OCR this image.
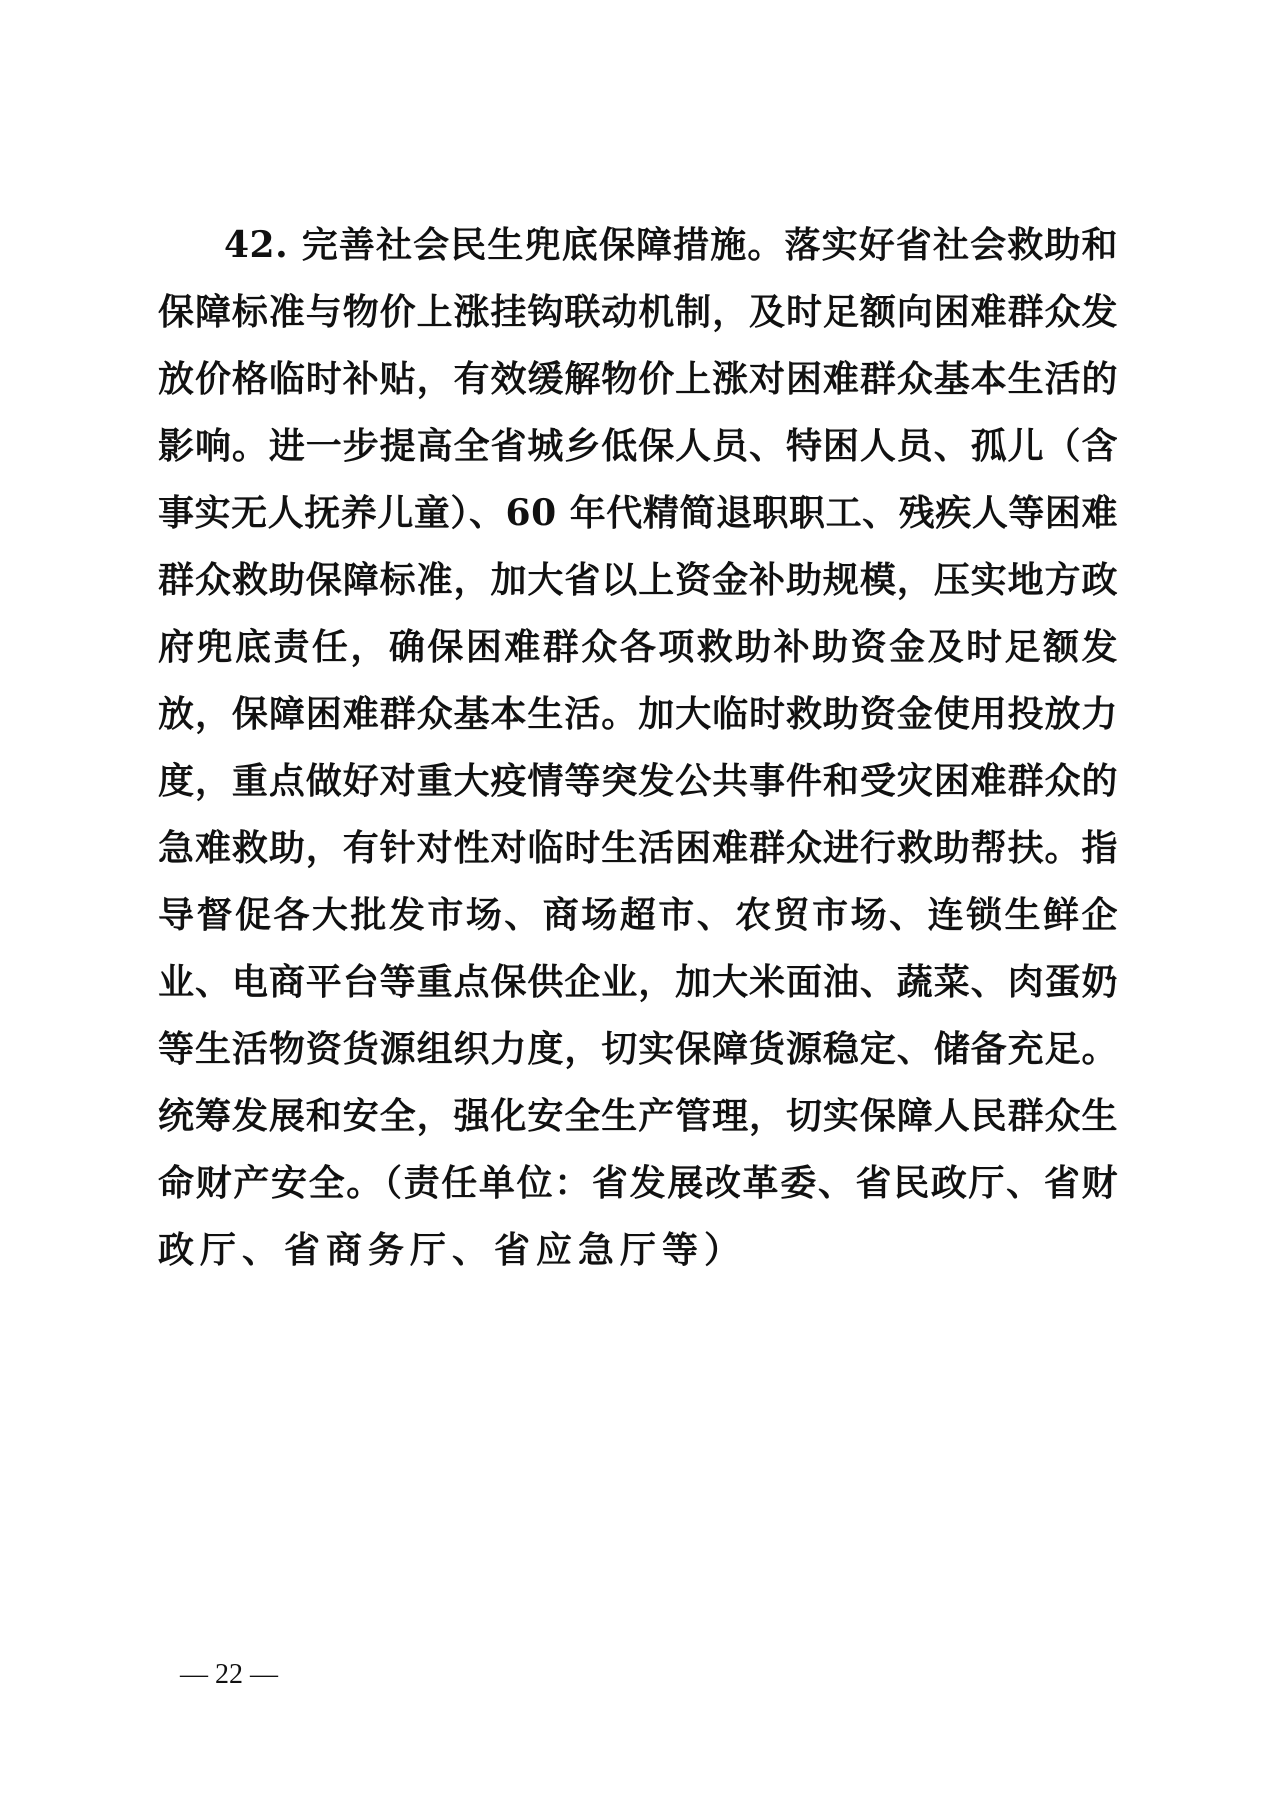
42. 完善社会民生兜底保障措施。落实好省社会救助和
保障标准与物价上涨挂钩联动机制，及时足额向困难群众发
放价格临时补贴，有效缓解物价上涨对困难群众基本生活的
影响。进一步提高全省城乡低保人员、特困人员、孤儿（含
事实无人抚养儿童）、60 年代精简退职职工、残疾人等困难
群众救助保障标准，加大省以上资金补助规模，压实地方政
府兜底责任，确保困难群众各项救助补助资金及时足额发
放，保障困难群众基本生活。加大临时救助资金使用投放力
度，重点做好对重大疫情等突发公共事件和受灾困难群众的
急难救助，有针对性对临时生活困难群众进行救助帮扶。指
导督促各大批发市场、商场超市、农贸市场、连锁生鲜企
业、电商平台等重点保供企业，加大米面油、蔬菜、肉蛋奶
等生活物资货源组织力度，切实保障货源稳定、储备充足。
统筹发展和安全，强化安全生产管理，切实保障人民群众生
命财产安全。（责任单位：省发展改革委、省民政厅、省财
政厅、省商务厅、省应急厅等）
— 22 —
